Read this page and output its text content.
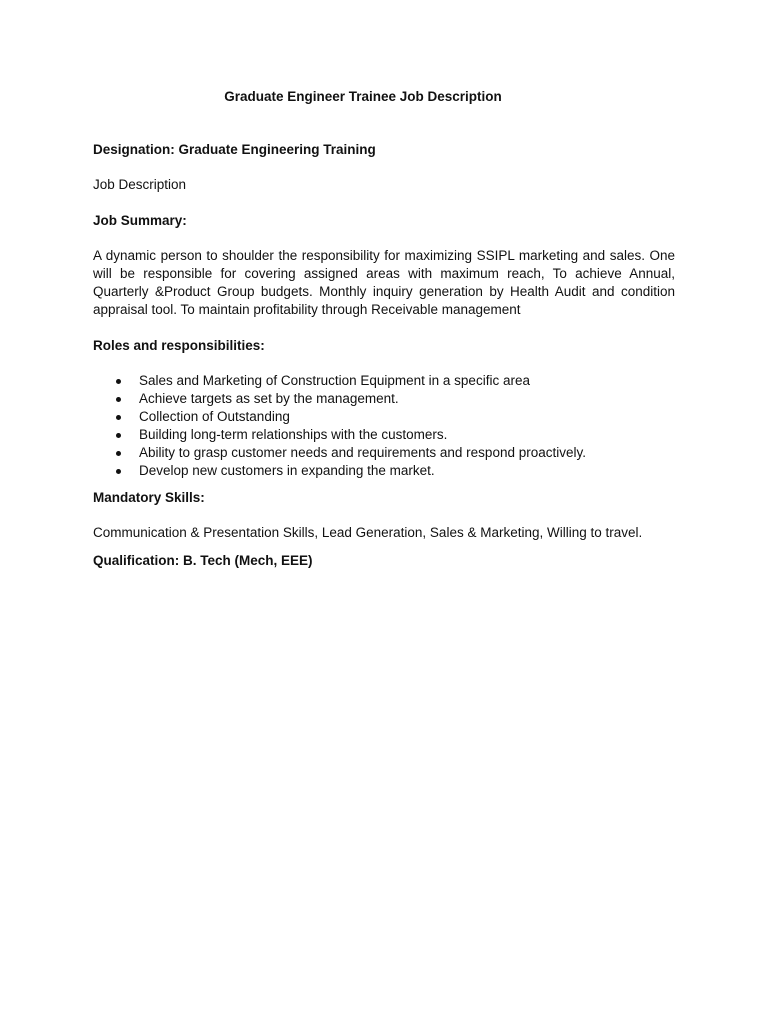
Graduate Engineer Trainee Job Description

Designation: Graduate Engineering Training

Job Description

Job Summary:

A dynamic person to shoulder the responsibility for maximizing SSIPL marketing and sales. One will be responsible for covering assigned areas with maximum reach, To achieve Annual, Quarterly &Product Group budgets. Monthly inquiry generation by Health Audit and condition appraisal tool. To maintain profitability through Receivable management

Roles and responsibilities:

Sales and Marketing of Construction Equipment in a specific area
Achieve targets as set by the management.
Collection of Outstanding
Building long-term relationships with the customers.
Ability to grasp customer needs and requirements and respond proactively.
Develop new customers in expanding the market.

Mandatory Skills:

Communication & Presentation Skills, Lead Generation, Sales & Marketing, Willing to travel.

Qualification: B. Tech (Mech, EEE)
